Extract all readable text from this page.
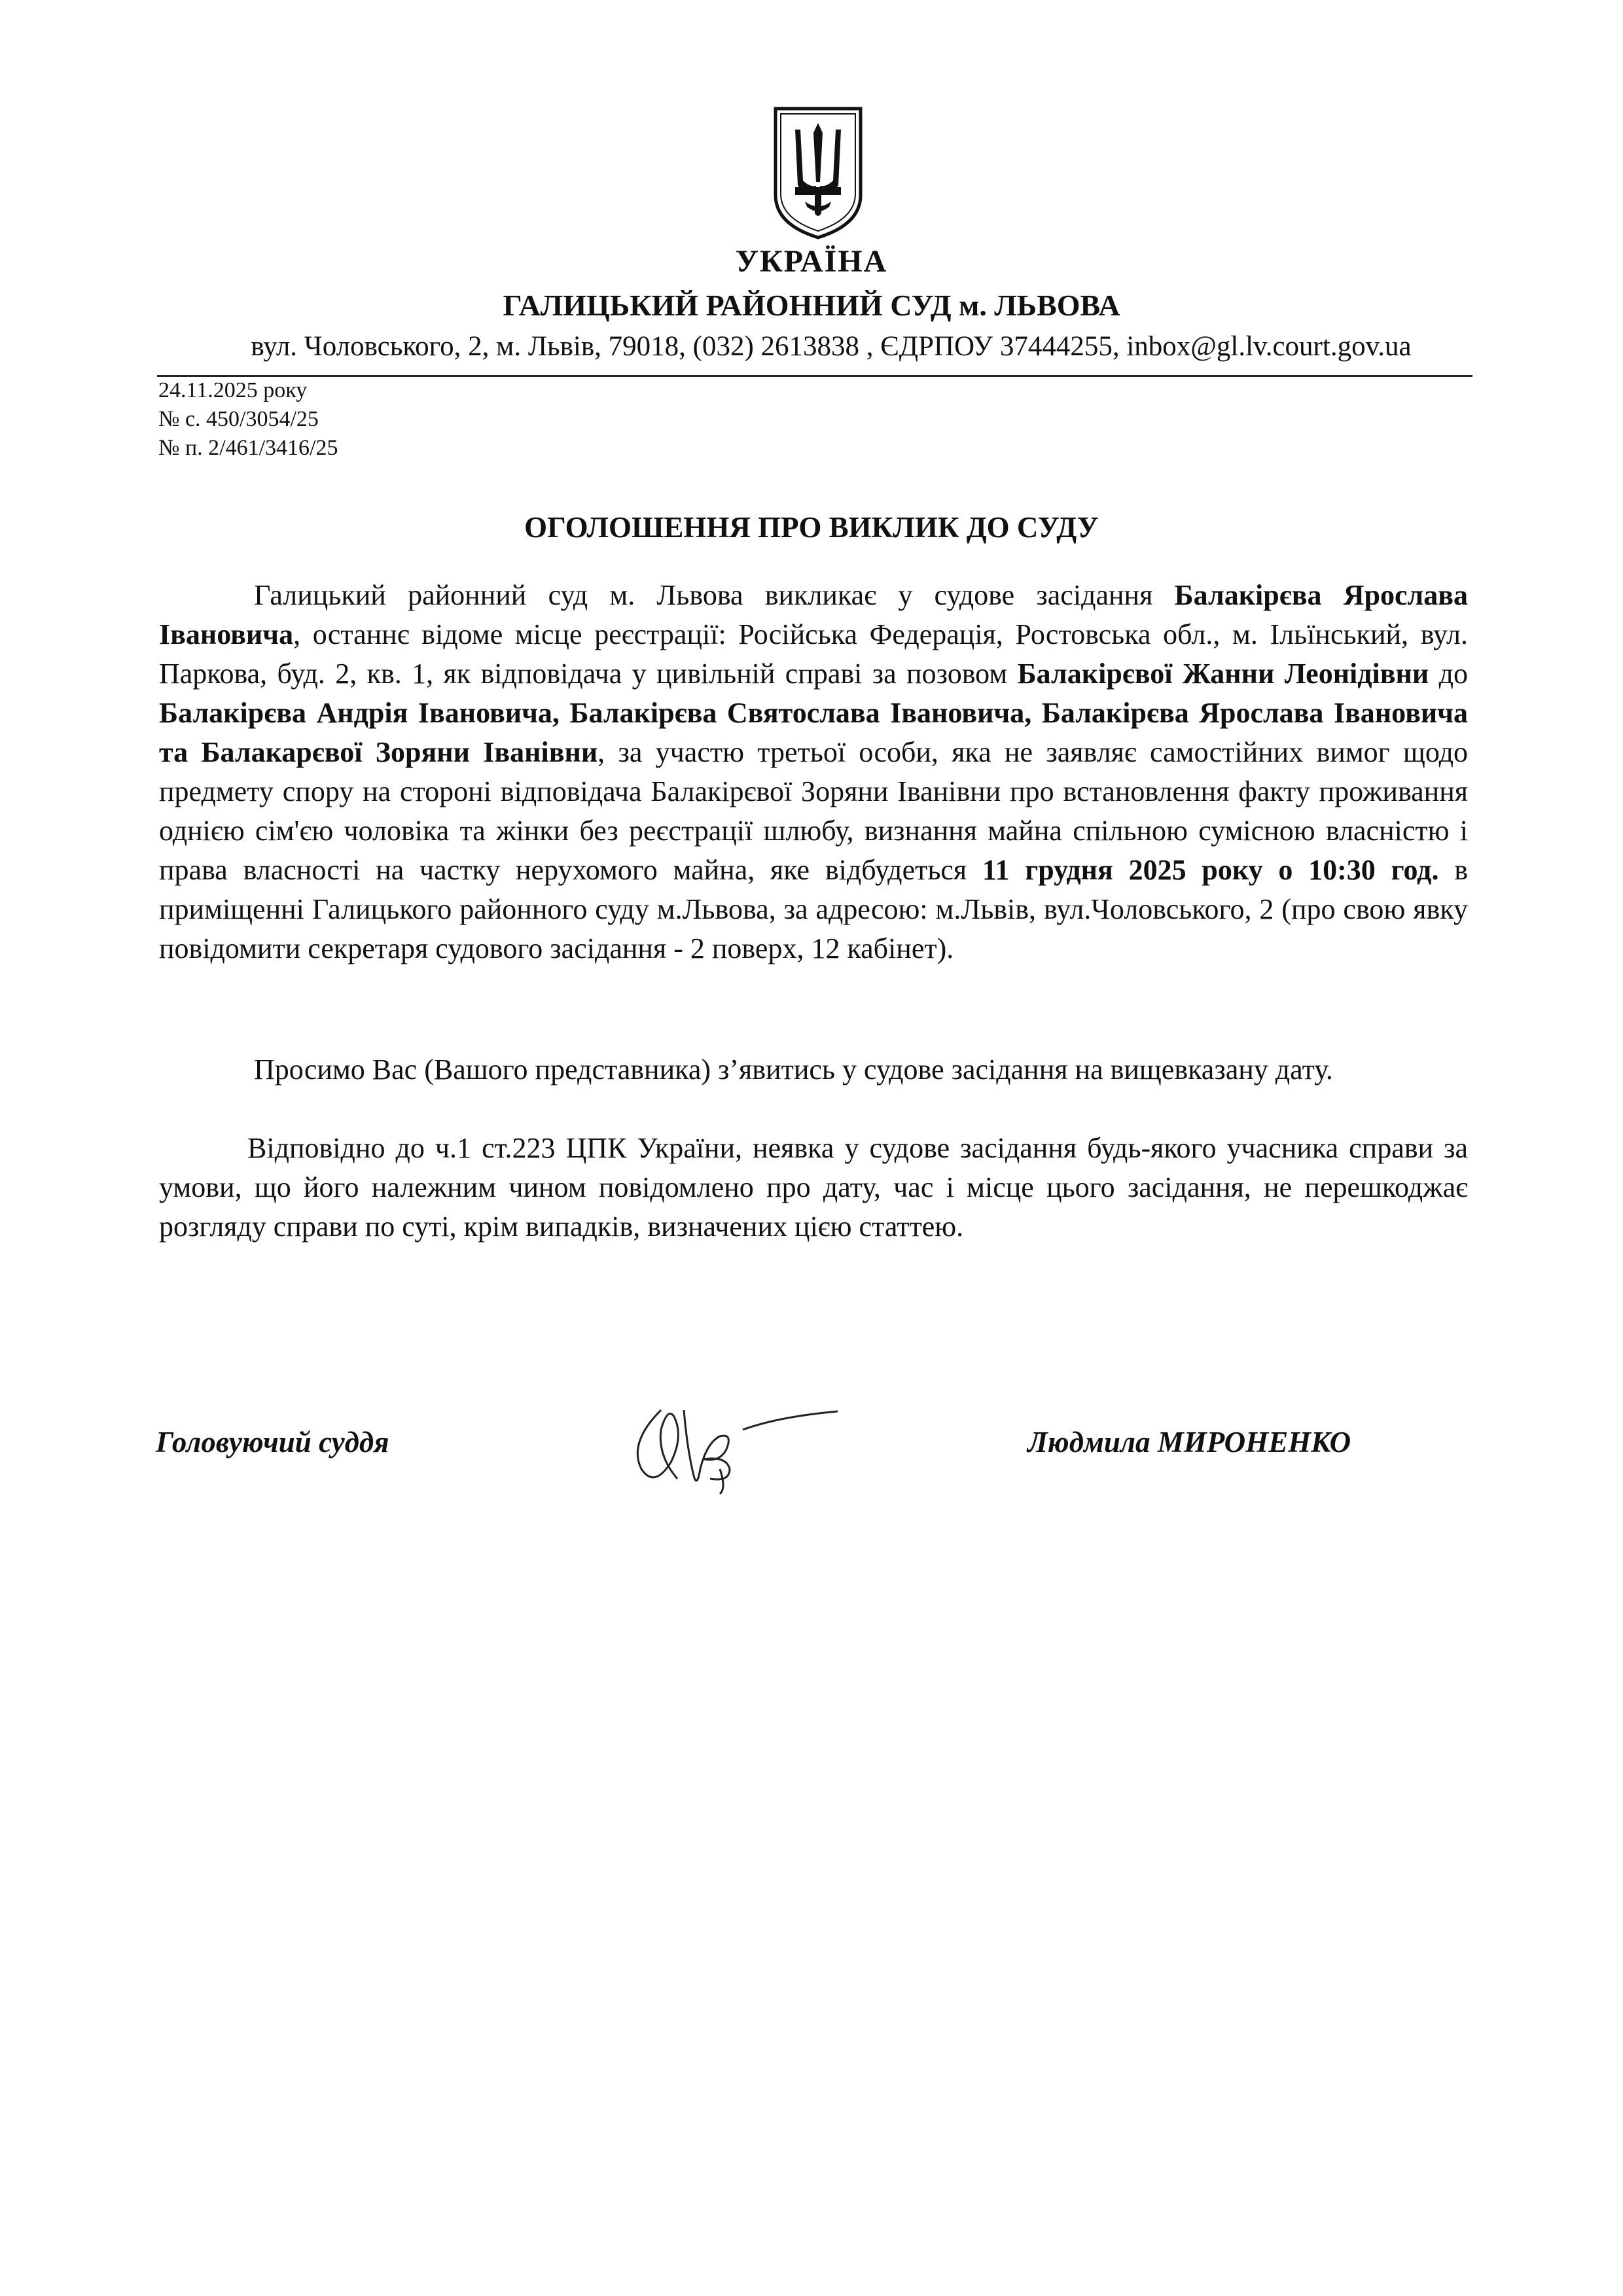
УКРАЇНА
ГАЛИЦЬКИЙ РАЙОННИЙ СУД м. ЛЬВОВА
вул. Чоловського, 2, м. Львів, 79018, (032) 2613838 , ЄДРПОУ 37444255, inbox@gl.lv.court.gov.ua
24.11.2025 року
№ с. 450/3054/25
№ п. 2/461/3416/25
ОГОЛОШЕННЯ ПРО ВИКЛИК ДО СУДУ

Галицький районний суд м. Львова викликає у судове засідання Балакірєва Ярослава Івановича, останнє відоме місце реєстрації: Російська Федерація, Ростовська обл., м. Ільїнський, вул. Паркова, буд. 2, кв. 1, як відповідача у цивільній справі за позовом Балакірєвої Жанни Леонідівни до Балакірєва Андрія Івановича, Балакірєва Святослава Івановича, Балакірєва Ярослава Івановича та Балакарєвої Зоряни Іванівни, за участю третьої особи, яка не заявляє самостійних вимог щодо предмету спору на стороні відповідача Балакірєвої Зоряни Іванівни про встановлення факту проживання однією сім'єю чоловіка та жінки без реєстрації шлюбу, визнання майна спільною сумісною власністю і права власності на частку нерухомого майна, яке відбудеться 11 грудня 2025 року о 10:30 год. в приміщенні Галицького районного суду м.Львова, за адресою: м.Львів, вул.Чоловського, 2 (про свою явку повідомити секретаря судового засідання - 2 поверх, 12 кабінет).

Просимо Вас (Вашого представника) з’явитись у судове засідання на вищевказану дату.

Відповідно до ч.1 ст.223 ЦПК України, неявка у судове засідання будь-якого учасника справи за умови, що його належним чином повідомлено про дату, час і місце цього засідання, не перешкоджає розгляду справи по суті, крім випадків, визначених цією статтею.

Головуючий суддя	Людмила МИРОНЕНКО
